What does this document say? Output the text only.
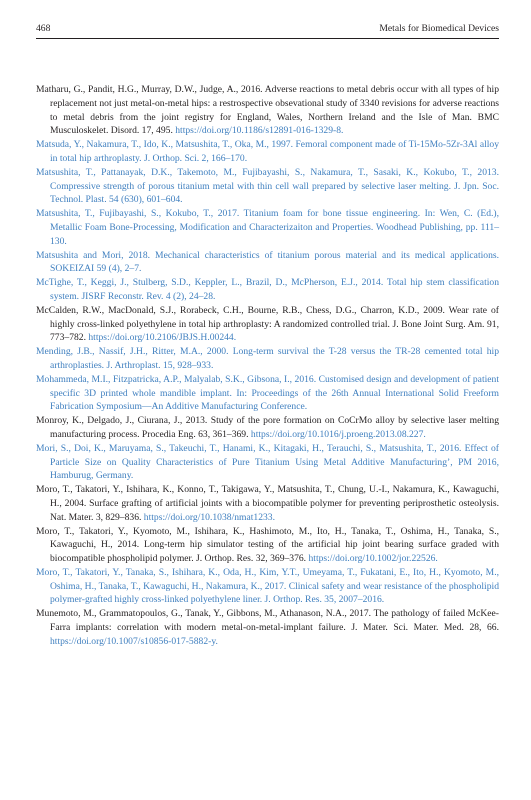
468	Metals for Biomedical Devices

Matharu, G., Pandit, H.G., Murray, D.W., Judge, A., 2016. Adverse reactions to metal debris occur with all types of hip replacement not just metal-on-metal hips: a restrospective obsevational study of 3340 revisions for adverse reactions to metal debris from the joint registry for England, Wales, Northern Ireland and the Isle of Man. BMC Musculoskelet. Disord. 17, 495. https://doi.org/10.1186/s12891-016-1329-8.

Matsuda, Y., Nakamura, T., Ido, K., Matsushita, T., Oka, M., 1997. Femoral component made of Ti-15Mo-5Zr-3Al alloy in total hip arthroplasty. J. Orthop. Sci. 2, 166–170.

Matsushita, T., Pattanayak, D.K., Takemoto, M., Fujibayashi, S., Nakamura, T., Sasaki, K., Kokubo, T., 2013. Compressive strength of porous titanium metal with thin cell wall prepared by selective laser melting. J. Jpn. Soc. Technol. Plast. 54 (630), 601–604.

Matsushita, T., Fujibayashi, S., Kokubo, T., 2017. Titanium foam for bone tissue engineering. In: Wen, C. (Ed.), Metallic Foam Bone-Processing, Modification and Characterizaiton and Properties. Woodhead Publishing, pp. 111–130.

Matsushita and Mori, 2018. Mechanical characteristics of titanium porous material and its medical applications. SOKEIZAI 59 (4), 2–7.

McTighe, T., Keggi, J., Stulberg, S.D., Keppler, L., Brazil, D., McPherson, E.J., 2014. Total hip stem classification system. JISRF Reconstr. Rev. 4 (2), 24–28.

McCalden, R.W., MacDonald, S.J., Rorabeck, C.H., Bourne, R.B., Chess, D.G., Charron, K.D., 2009. Wear rate of highly cross-linked polyethylene in total hip arthroplasty: A randomized controlled trial. J. Bone Joint Surg. Am. 91, 773–782. https://doi.org/10.2106/JBJS.H.00244.

Mending, J.B., Nassif, J.H., Ritter, M.A., 2000. Long-term survival the T-28 versus the TR-28 cemented total hip arthroplasties. J. Arthroplast. 15, 928–933.

Mohammeda, M.I., Fitzpatricka, A.P., Malyalab, S.K., Gibsona, I., 2016. Customised design and development of patient specific 3D printed whole mandible implant. In: Proceedings of the 26th Annual International Solid Freeform Fabrication Symposium—An Additive Manufacturing Conference.

Monroy, K., Delgado, J., Ciurana, J., 2013. Study of the pore formation on CoCrMo alloy by selective laser melting manufacturing process. Procedia Eng. 63, 361–369. https://doi.org/10.1016/j.proeng.2013.08.227.

Mori, S., Doi, K., Maruyama, S., Takeuchi, T., Hanami, K., Kitagaki, H., Terauchi, S., Matsushita, T., 2016. Effect of Particle Size on Quality Characteristics of Pure Titanium Using Metal Additive Manufacturing’, PM 2016, Hamburug, Germany.

Moro, T., Takatori, Y., Ishihara, K., Konno, T., Takigawa, Y., Matsushita, T., Chung, U.-I., Nakamura, K., Kawaguchi, H., 2004. Surface grafting of artificial joints with a biocompatible polymer for preventing periprosthetic osteolysis. Nat. Mater. 3, 829–836. https://doi.org/10.1038/nmat1233.

Moro, T., Takatori, Y., Kyomoto, M., Ishihara, K., Hashimoto, M., Ito, H., Tanaka, T., Oshima, H., Tanaka, S., Kawaguchi, H., 2014. Long-term hip simulator testing of the artificial hip joint bearing surface graded with biocompatible phospholipid polymer. J. Orthop. Res. 32, 369–376. https://doi.org/10.1002/jor.22526.

Moro, T., Takatori, Y., Tanaka, S., Ishihara, K., Oda, H., Kim, Y.T., Umeyama, T., Fukatani, E., Ito, H., Kyomoto, M., Oshima, H., Tanaka, T., Kawaguchi, H., Nakamura, K., 2017. Clinical safety and wear resistance of the phospholipid polymer-grafted highly cross-linked polyethylene liner. J. Orthop. Res. 35, 2007–2016.

Munemoto, M., Grammatopoulos, G., Tanak, Y., Gibbons, M., Athanason, N.A., 2017. The pathology of failed McKee-Farra implants: correlation with modern metal-on-metal-implant failure. J. Mater. Sci. Mater. Med. 28, 66. https://doi.org/10.1007/s10856-017-5882-y.
